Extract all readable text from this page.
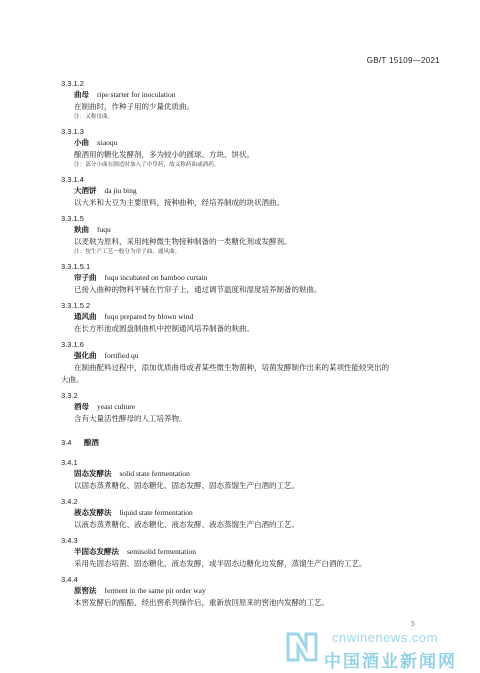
GB/T 15109—2021
3.3.1.2
曲母 ripe starter for inoculation
在制曲时，作种子用的少量优质曲。
注：又称母曲。
3.3.1.3
小曲 xiaoqu
酿酒用的糖化发酵剂，多为较小的圆球、方块、饼状。
注：部分小曲在制造时加入了中草药，故又称药曲或酒药。
3.3.1.4
大酒饼 da jiu bing
以大米和大豆为主要原料，接种曲种，经培养制成的块状酒曲。
3.3.1.5
麸曲 fuqu
以麦麸为原料，采用纯种微生物接种制备的一类糖化剂或发酵剂。
注：按生产工艺一般分为帘子曲、通风曲。
3.3.1.5.1
帘子曲 fuqu incubated on bamboo curtain
已接入曲种的物料平铺在竹帘子上，通过调节温度和湿度培养制备的麸曲。
3.3.1.5.2
通风曲 fuqu prepared by blown wind
在长方形池或圆盘制曲机中控制通风培养制备的麸曲。
3.3.1.6
强化曲 fortified qu
在制曲配料过程中，添加优质曲母或者某些微生物菌种，培菌发酵制作出来的某项性能较突出的
大曲。
3.3.2
酒母 yeast culture
含有大量活性酵母的人工培养物。
3.4 酿酒
3.4.1
固态发酵法 solid state fermentation
以固态蒸煮糖化、固态糖化、固态发酵、固态蒸馏生产白酒的工艺。
3.4.2
液态发酵法 liquid state fermentation
以液态蒸煮糖化、液态糖化、液态发酵、液态蒸馏生产白酒的工艺。
3.4.3
半固态发酵法 semisolid fermentation
采用先固态培菌、固态糖化、液态发酵，或半固态边糖化边发酵，蒸馏生产白酒的工艺。
3.4.4
原窖法 ferment in the same pit order way
本窖发酵后的醅醅，经出窖系列操作后，重新放回原来的窖池内发酵的工艺。
5
cnwinenews.com
中国酒业新闻网
